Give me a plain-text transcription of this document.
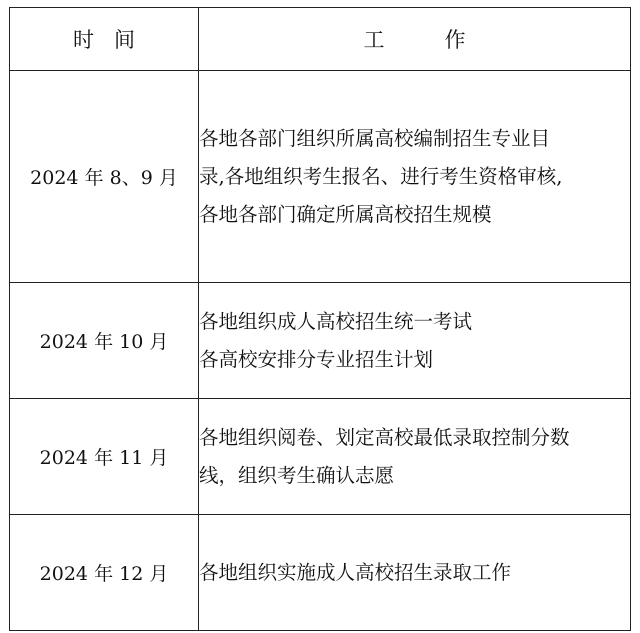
时间	工作
2024 年 8、9 月	各地各部门组织所属高校编制招生专业目
录,各地组织考生报名、进行考生资格审核,
各地各部门确定所属高校招生规模

2024 年 10 月	各地组织成人高校招生统一考试
各高校安排分专业招生计划

2024 年 11 月	各地组织阅卷、划定高校最低录取控制分数
线，组织考生确认志愿

2024 年 12 月	各地组织实施成人高校招生录取工作
